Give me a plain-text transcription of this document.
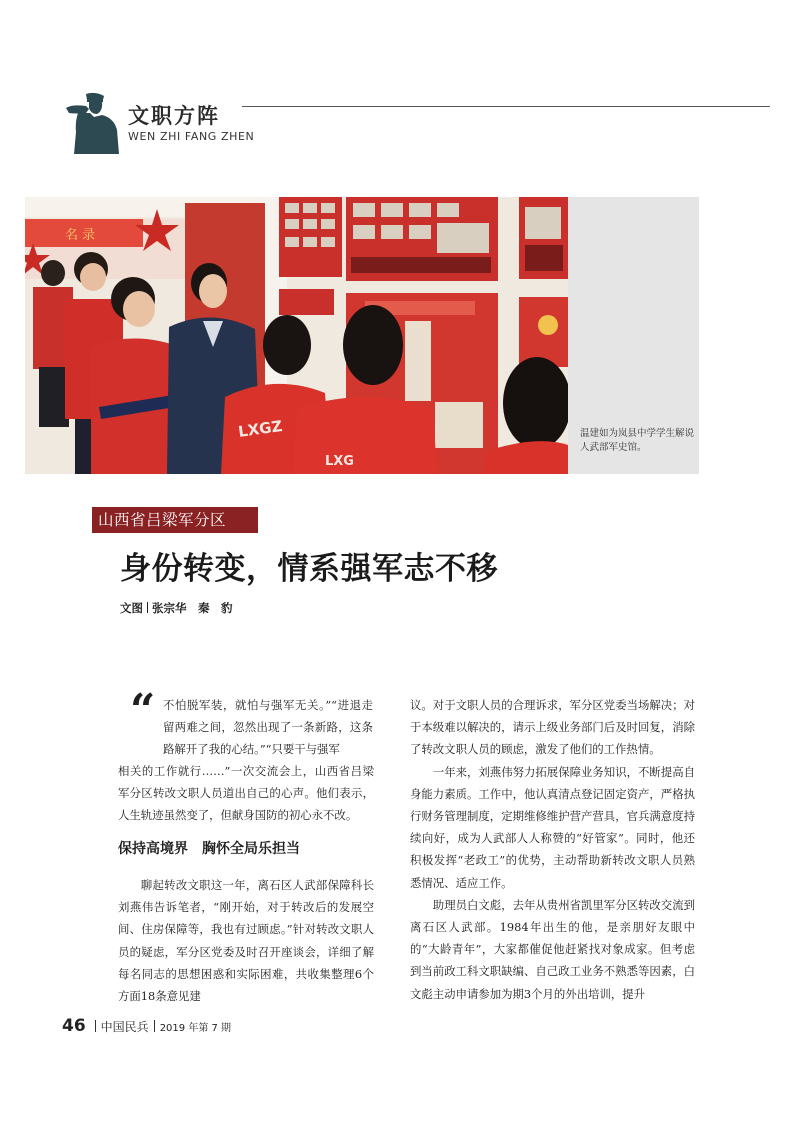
文职方阵
WEN ZHI FANG ZHEN
名 录
LXGZ
LXG
温建如为岚县中学学生解说人武部军史馆。
山西省吕梁军分区
身份转变，情系强军志不移
文图 张宗华　秦　豹
“ 不怕脱军装，就怕与强军无关。”“进退走留两难之间，忽然出现了一条新路，这条路解开了我的心结。”“只要干与强军

相关的工作就行……”一次交流会上，山西省吕梁军分区转改文职人员道出自己的心声。他们表示，人生轨迹虽然变了，但献身国防的初心永不改。

保持高境界　胸怀全局乐担当

聊起转改文职这一年，离石区人武部保障科长刘燕伟告诉笔者，“刚开始，对于转改后的发展空间、住房保障等，我也有过顾虑。”针对转改文职人员的疑虑，军分区党委及时召开座谈会，详细了解每名同志的思想困惑和实际困难，共收集整理6个方面18条意见建

议。对于文职人员的合理诉求，军分区党委当场解决；对于本级难以解决的，请示上级业务部门后及时回复，消除了转改文职人员的顾虑，激发了他们的工作热情。

一年来，刘燕伟努力拓展保障业务知识，不断提高自身能力素质。工作中，他认真清点登记固定资产，严格执行财务管理制度，定期维修维护营产营具，官兵满意度持续向好，成为人武部人人称赞的“好管家”。同时，他还积极发挥“老政工”的优势，主动帮助新转改文职人员熟悉情况、适应工作。

助理员白文彪，去年从贵州省凯里军分区转改交流到离石区人武部。1984年出生的他，是亲朋好友眼中的“大龄青年”，大家都催促他赶紧找对象成家。但考虑到当前政工科文职缺编、自己政工业务不熟悉等因素，白文彪主动申请参加为期3个月的外出培训，提升

46 中国民兵 2019 年第 7 期
